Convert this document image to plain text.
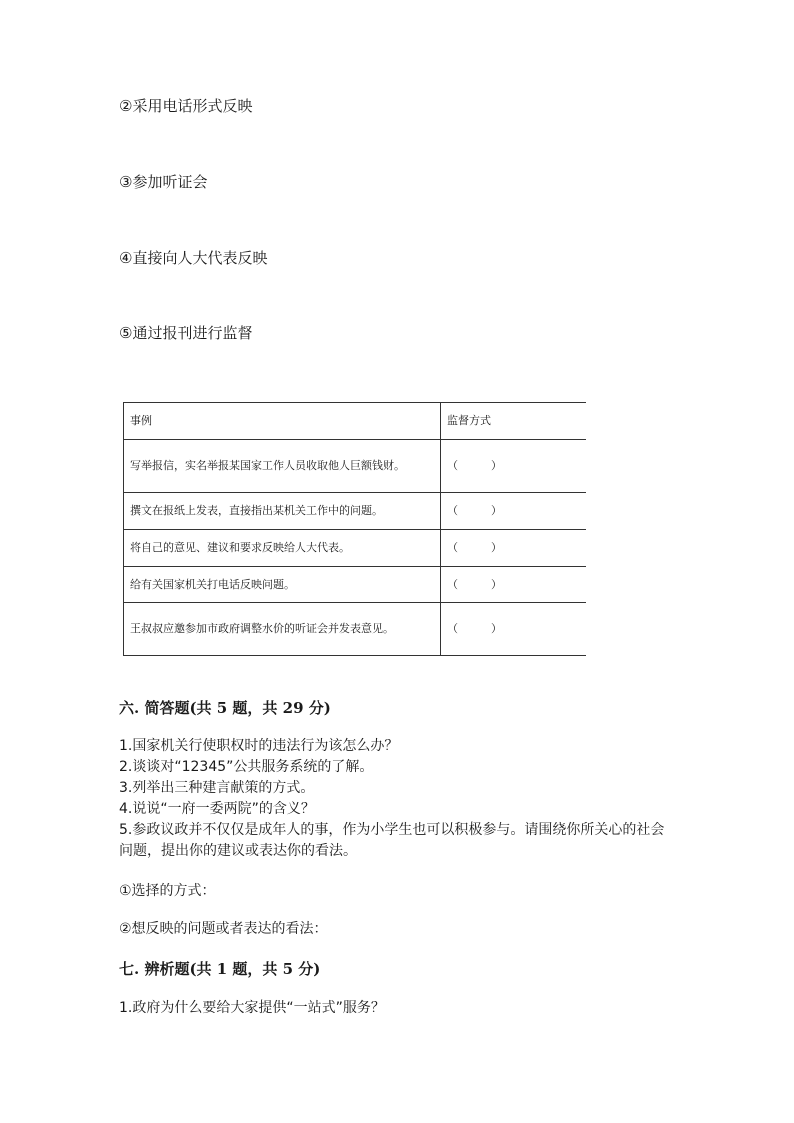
②采用电话形式反映
③参加听证会
④直接向人大代表反映
⑤通过报刊进行监督
事例	监督方式
写举报信，实名举报某国家工作人员收取他人巨额钱财。	（　　　）
撰文在报纸上发表，直接指出某机关工作中的问题。	（　　　）
将自己的意见、建议和要求反映给人大代表。	（　　　）
给有关国家机关打电话反映问题。	（　　　）
王叔叔应邀参加市政府调整水价的听证会并发表意见。	（　　　）
六. 简答题(共 5 题，共 29 分)
1.国家机关行使职权时的违法行为该怎么办？
2.谈谈对“12345”公共服务系统的了解。
3.列举出三种建言献策的方式。
4.说说“一府一委两院”的含义？
5.参政议政并不仅仅是成年人的事，作为小学生也可以积极参与。请围绕你所关心的社会问题，提出你的建议或表达你的看法。
①选择的方式：
②想反映的问题或者表达的看法：
七. 辨析题(共 1 题，共 5 分)
1.政府为什么要给大家提供“一站式”服务？
